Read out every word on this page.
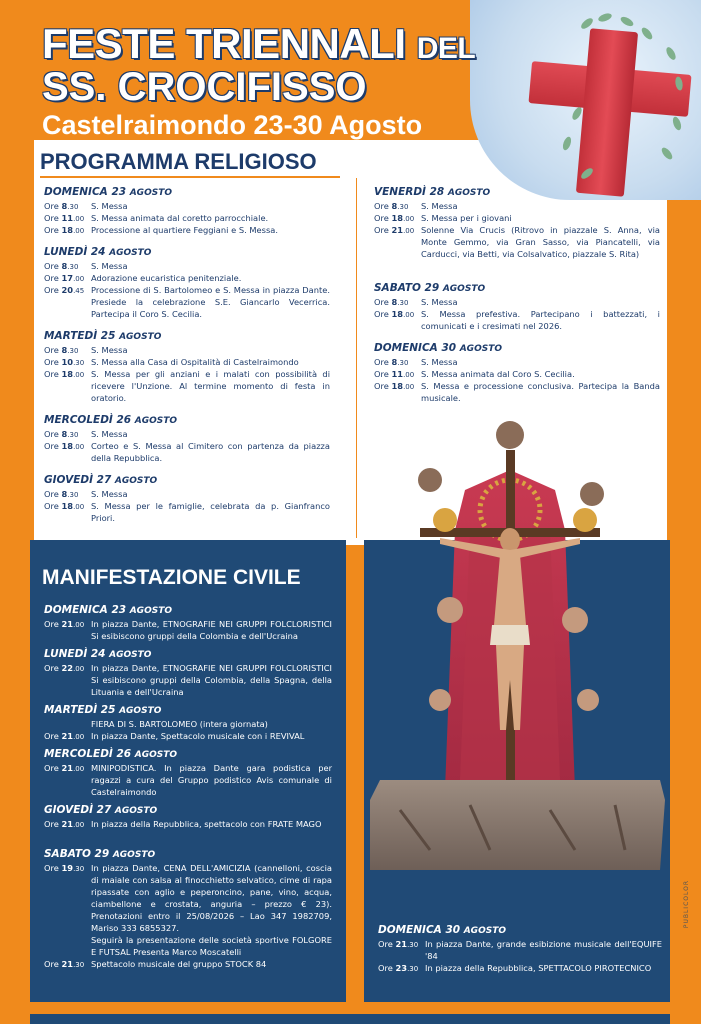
FESTE TRIENNALI DEL
SS. CROCIFISSO
Castelraimondo 23-30 Agosto
PROGRAMMA RELIGIOSO
DOMENICA 23 AGOSTO
Ore 8.30	S. Messa
Ore 11.00 S. Messa animata dal coretto parrocchiale.
Ore 18.00 Processione al quartiere Feggiani e S. Messa.
LUNEDÌ 24 AGOSTO
Ore 8.30	S. Messa
Ore 17.00 Adorazione eucaristica penitenziale.
Ore 20.45 Processione di S. Bartolomeo e S. Messa in piazza Dante. Presiede la celebrazione S.E. Giancarlo Vecerrica. Partecipa il Coro S. Cecilia.
MARTEDÌ 25 AGOSTO
Ore 8.30	S. Messa
Ore 10.30 S. Messa alla Casa di Ospitalità di Castelraimondo
Ore 18.00 S. Messa per gli anziani e i malati con possibilità di ricevere l'Unzione. Al termine momento di festa in oratorio.
MERCOLEDÌ 26 AGOSTO
Ore 8.30	S. Messa
Ore 18.00 Corteo e S. Messa al Cimitero con partenza da piazza della Repubblica.
GIOVEDÌ 27 AGOSTO
Ore 8.30	S. Messa
Ore 18.00 S. Messa per le famiglie, celebrata da p. Gianfranco Priori.
VENERDÌ 28 AGOSTO
Ore 8.30	S. Messa
Ore 18.00 S. Messa per i giovani
Ore 21.00 Solenne Via Crucis (Ritrovo in piazzale S. Anna, via Monte Gemmo, via Gran Sasso, via Piancatelli, via Carducci, via Betti, via Colsalvatico, piazzale S. Rita)
SABATO 29 AGOSTO
Ore 8.30	S. Messa
Ore 18.00 S. Messa prefestiva. Partecipano i battezzati, i comunicati e i cresimati nel 2026.
DOMENICA 30 AGOSTO
Ore 8.30	S. Messa
Ore 11.00 S. Messa animata dal Coro S. Cecilia.
Ore 18.00 S. Messa e processione conclusiva. Partecipa la Banda musicale.
MANIFESTAZIONE CIVILE
DOMENICA 23 AGOSTO
Ore 21.00 In piazza Dante, ETNOGRAFIE NEI GRUPPI FOLCLORISTICI Si esibiscono gruppi della Colombia e dell'Ucraina
LUNEDÌ 24 AGOSTO
Ore 22.00 In piazza Dante, ETNOGRAFIE NEI GRUPPI FOLCLORISTICI Si esibiscono gruppi della Colombia, della Spagna, della Lituania e dell'Ucraina
MARTEDÌ 25 AGOSTO
FIERA DI S. BARTOLOMEO (intera giornata)
Ore 21.00 In piazza Dante, Spettacolo musicale con i REVIVAL
MERCOLEDÌ 26 AGOSTO
Ore 21.00 MINIPODISTICA. In piazza Dante gara podistica per ragazzi a cura del Gruppo podistico Avis comunale di Castelraimondo
GIOVEDÌ 27 AGOSTO
Ore 21.00 In piazza della Repubblica, spettacolo con FRATE MAGO
SABATO 29 AGOSTO
Ore 19.30 In piazza Dante, CENA DELL'AMICIZIA (cannelloni, coscia di maiale con salsa al finocchietto selvatico, cime di rapa ripassate con aglio e peperoncino, pane, vino, acqua, ciambellone e crostata, anguria – prezzo € 23). Prenotazioni entro il 25/08/2026 – Lao 347 1982709, Mariso 333 6855327.
Seguirà la presentazione delle società sportive FOLGORE E FUTSAL Presenta Marco Moscatelli
Ore 21.30 Spettacolo musicale del gruppo STOCK 84
DOMENICA 30 AGOSTO
Ore 21.30 In piazza Dante, grande esibizione musicale dell'EQUIFE '84
Ore 23.30 In piazza della Repubblica, SPETTACOLO PIROTECNICO
PUBLICOLOR
